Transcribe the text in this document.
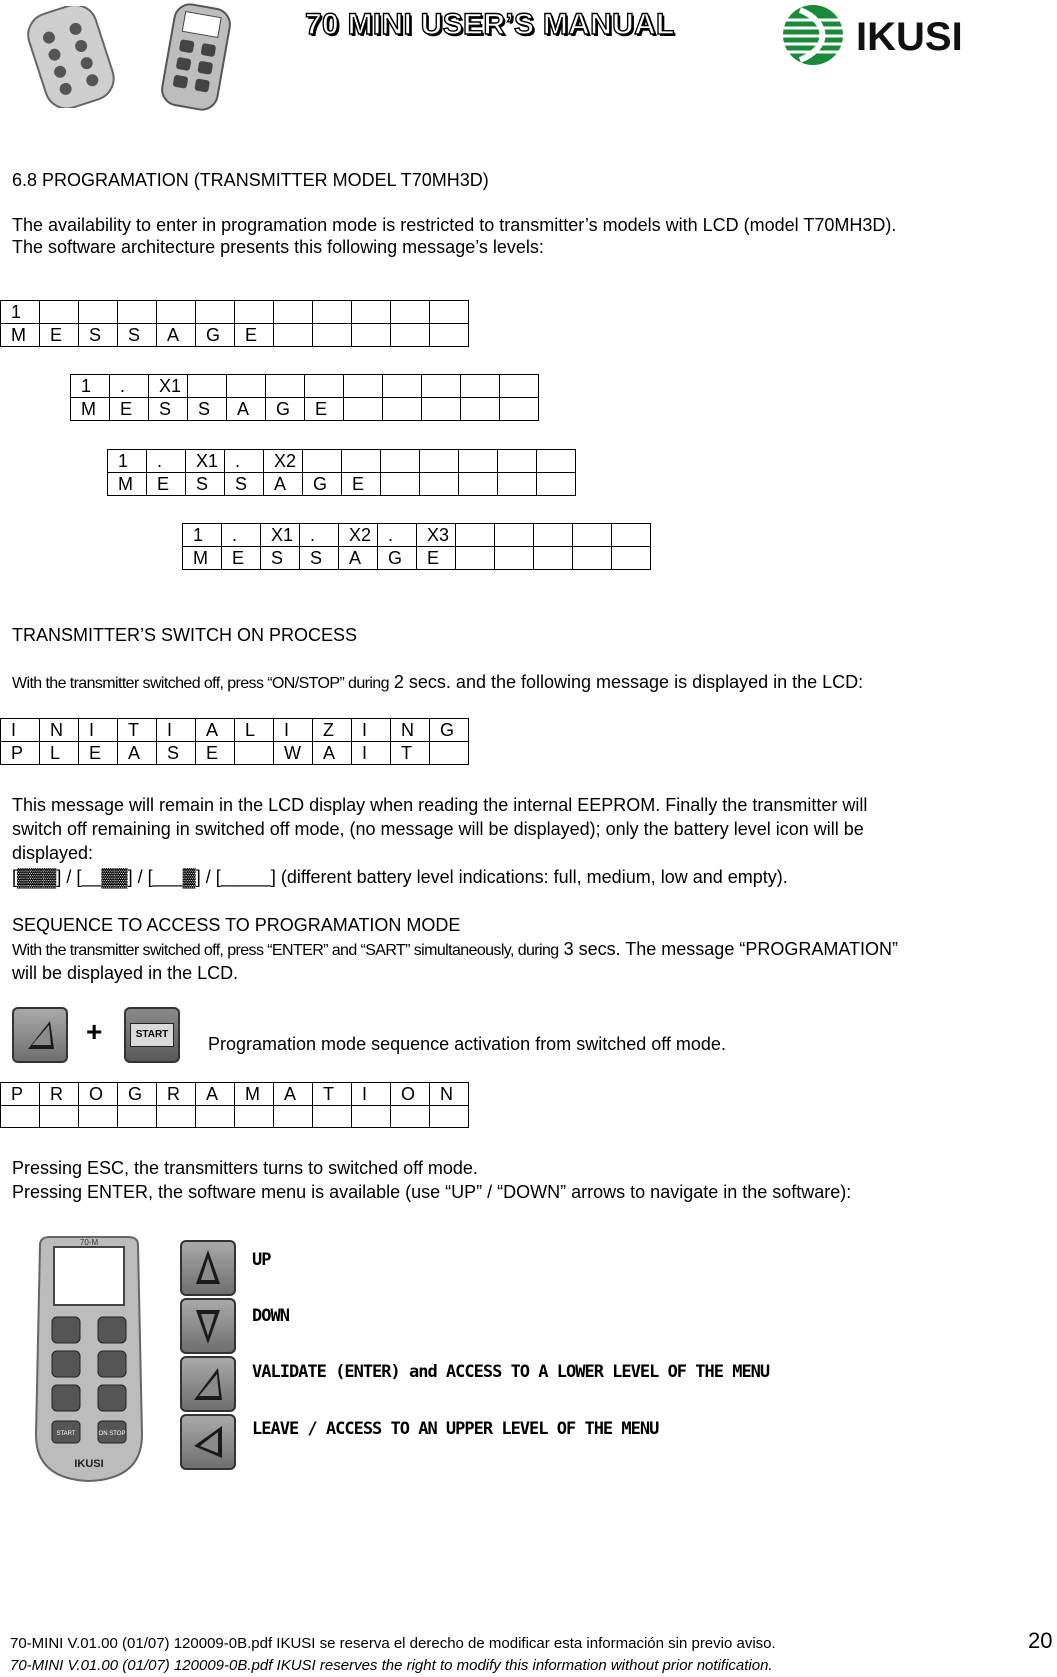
70 MINI USER’S MANUAL	IKUSI
6.8 PROGRAMATION (TRANSMITTER MODEL T70MH3D)
The availability to enter in programation mode is restricted to transmitter’s models with LCD (model T70MH3D).
The software architecture presents this following message’s levels:
1											
M	E	S	S	A	G	E					
1	.	X1									
M	E	S	S	A	G	E					
1	.	X1	.	X2							
M	E	S	S	A	G	E					
1	.	X1	.	X2	.	X3					
M	E	S	S	A	G	E					
TRANSMITTER’S SWITCH ON PROCESS
With the transmitter switched off, press “ON/STOP” during 2 secs. and the following message is displayed in the LCD:
I	N	I	T	I	A	L	I	Z	I	N	G
P	L	E	A	S	E		W	A	I	T	
This message will remain in the LCD display when reading the internal EEPROM. Finally the transmitter will
switch off remaining in switched off mode, (no message will be displayed); only the battery level icon will be
displayed:
[▓▓▓] / [__▓▓] / [___▓] / [_____] (different battery level indications: full, medium, low and empty).
SEQUENCE TO ACCESS TO PROGRAMATION MODE
With the transmitter switched off, press “ENTER” and “SART” simultaneously, during 3 secs. The message “PROGRAMATION”
will be displayed in the LCD.
+	START	Programation mode sequence activation from switched off mode.
P	R	O	G	R	A	M	A	T	I	O	N

Pressing ESC, the transmitters turns to switched off mode.
Pressing ENTER, the software menu is available (use “UP” / “DOWN” arrows to navigate in the software):
70-M
START	ON STOP
IKUSI
UP
DOWN
VALIDATE (ENTER) and ACCESS TO A LOWER LEVEL OF THE MENU
LEAVE / ACCESS TO AN UPPER LEVEL OF THE MENU
70-MINI V.01.00 (01/07) 120009-0B.pdf IKUSI se reserva el derecho de modificar esta información sin previo aviso.
70-MINI V.01.00 (01/07) 120009-0B.pdf IKUSI reserves the right to modify this information without prior notification.
20
